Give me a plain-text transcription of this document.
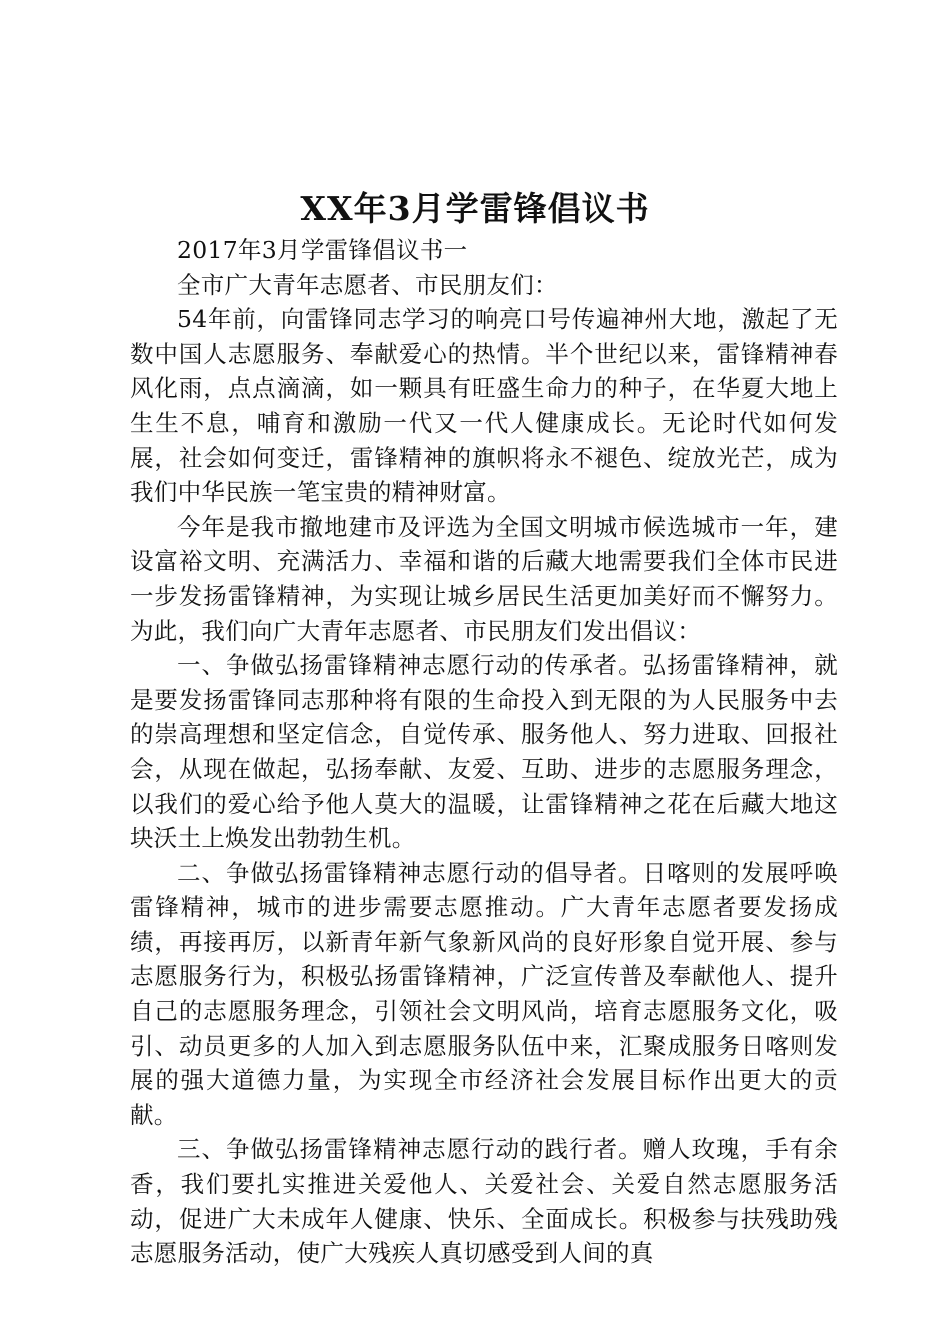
XX年3月学雷锋倡议书

2017年3月学雷锋倡议书一

全市广大青年志愿者、市民朋友们：

54年前，向雷锋同志学习的响亮口号传遍神州大地，激起了无数中国人志愿服务、奉献爱心的热情。半个世纪以来，雷锋精神春风化雨，点点滴滴，如一颗具有旺盛生命力的种子，在华夏大地上生生不息，哺育和激励一代又一代人健康成长。无论时代如何发展，社会如何变迁，雷锋精神的旗帜将永不褪色、绽放光芒，成为我们中华民族一笔宝贵的精神财富。

今年是我市撤地建市及评选为全国文明城市候选城市一年，建设富裕文明、充满活力、幸福和谐的后藏大地需要我们全体市民进一步发扬雷锋精神，为实现让城乡居民生活更加美好而不懈努力。为此，我们向广大青年志愿者、市民朋友们发出倡议：

一、争做弘扬雷锋精神志愿行动的传承者。弘扬雷锋精神，就是要发扬雷锋同志那种将有限的生命投入到无限的为人民服务中去的崇高理想和坚定信念，自觉传承、服务他人、努力进取、回报社会，从现在做起，弘扬奉献、友爱、互助、进步的志愿服务理念，以我们的爱心给予他人莫大的温暖，让雷锋精神之花在后藏大地这块沃土上焕发出勃勃生机。

二、争做弘扬雷锋精神志愿行动的倡导者。日喀则的发展呼唤雷锋精神，城市的进步需要志愿推动。广大青年志愿者要发扬成绩，再接再厉，以新青年新气象新风尚的良好形象自觉开展、参与志愿服务行为，积极弘扬雷锋精神，广泛宣传普及奉献他人、提升自己的志愿服务理念，引领社会文明风尚，培育志愿服务文化，吸引、动员更多的人加入到志愿服务队伍中来，汇聚成服务日喀则发展的强大道德力量，为实现全市经济社会发展目标作出更大的贡献。

三、争做弘扬雷锋精神志愿行动的践行者。赠人玫瑰，手有余香，我们要扎实推进关爱他人、关爱社会、关爱自然志愿服务活动，促进广大未成年人健康、快乐、全面成长。积极参与扶残助残志愿服务活动，使广大残疾人真切感受到人间的真
